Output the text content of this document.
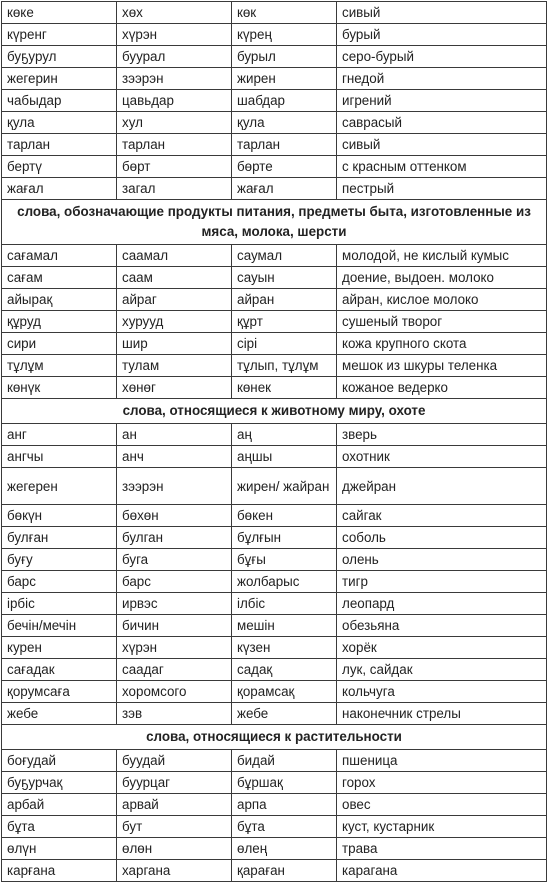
көке	хөх	көк	сивый
күренг	хүрэн	күрең	бурый
буҕурул	буурал	бурыл	серо-бурый
жегерин	зээрэн	жирен	гнедой
чабыдар	цавьдар	шабдар	игрений
қула	хул	қула	саврасый
тарлан	тарлан	тарлан	сивый
бертү	бөрт	бөрте	с красным оттенком
жағал	загал	жағал	пестрый
слова, обозначающие продукты питания, предметы быта, изготовленные из мяса, молока, шерсти			
сағамал	саамал	саумал	молодой, не кислый кумыс
сағам	саам	сауын	доение, выдоен. молоко
айырақ	айраг	айран	айран, кислое молоко
құруд	хурууд	құрт	сушеный творог
сири	шир	сірі	кожа крупного скота
тұлұм	тулам	тұлып, тұлұм	мешок из шкуры теленка
көнүк	хөнөг	көнек	кожаное ведерко
слова, относящиеся к животному миру, охоте			
анг	ан	аң	зверь
ангчы	анч	аңшы	охотник
жегерен	зээрэн	жирен/ жайран	джейран
бөкүн	бөхөн	бөкен	сайгак
булған	булган	бұлғын	соболь
буғу	буга	бұғы	олень
барс	барс	жолбарыс	тигр
ірбіс	ирвэс	ілбіс	леопард
бечін/мечін	бичин	мешін	обезьяна
курен	хүрэн	күзен	хорёк
сағадак	саадаг	садақ	лук, сайдак
қорумсаға	хоромсого	қорамсақ	кольчуга
жебе	зэв	жебе	наконечник стрелы
слова, относящиеся к растительности			
боғудай	буудай	бидай	пшеница
буҕурчақ	буурцаг	бұршақ	горох
арбай	арвай	арпа	овес
бұта	бут	бұта	куст, кустарник
өлүн	өлөн	өлең	трава
карғана	харгана	қараған	карагана
